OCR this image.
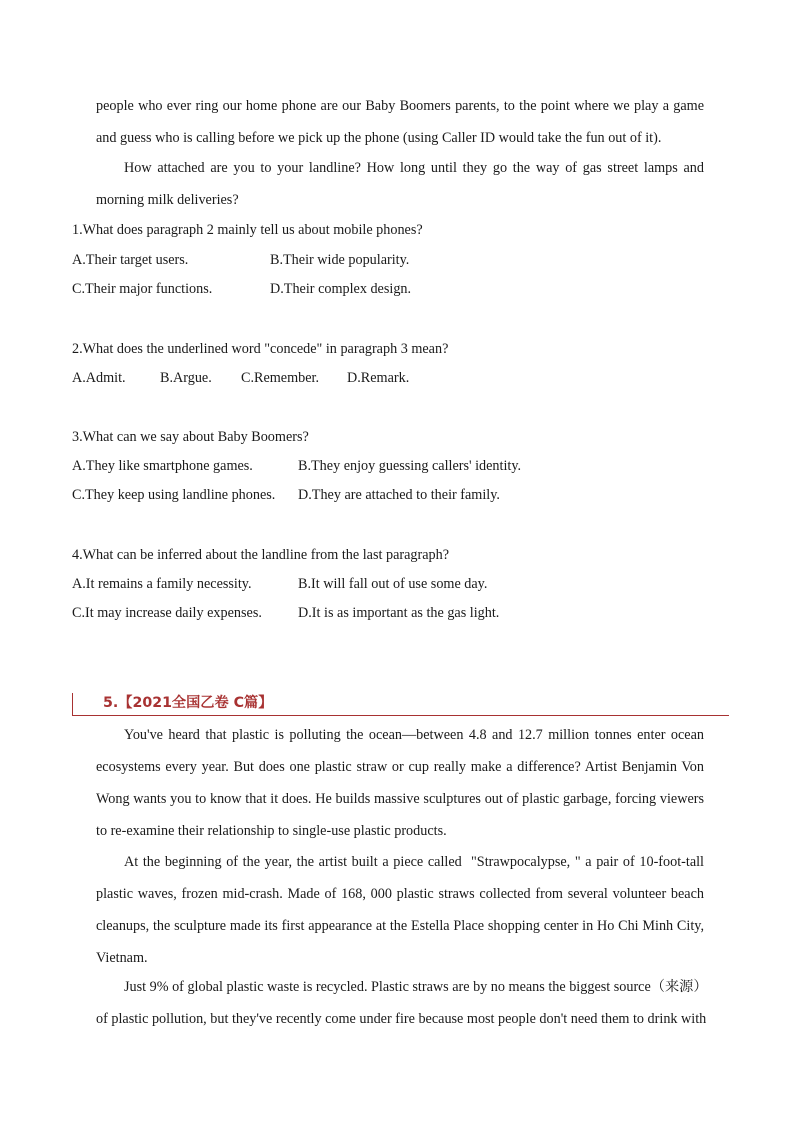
people who ever ring our home phone are our Baby Boomers parents, to the point where we play a game
and guess who is calling before we pick up the phone (using Caller ID would take the fun out of it).
How attached are you to your landline? How long until they go the way of gas street lamps and
morning milk deliveries?
1.What does paragraph 2 mainly tell us about mobile phones?
A.Their target users.	B.Their wide popularity.
C.Their major functions.	D.Their complex design.
2.What does the underlined word "concede" in paragraph 3 mean?
A.Admit. B.Argue. C.Remember. D.Remark.
3.What can we say about Baby Boomers?
A.They like smartphone games.	B.They enjoy guessing callers' identity.
C.They keep using landline phones. D.They are attached to their family.
4.What can be inferred about the landline from the last paragraph?
A.It remains a family necessity.	B.It will fall out of use some day.
C.It may increase daily expenses.	D.It is as important as the gas light.
5.【2021全国乙卷 C篇】
You've heard that plastic is polluting the ocean—between 4.8 and 12.7 million tonnes enter ocean
ecosystems every year. But does one plastic straw or cup really make a difference? Artist Benjamin Von
Wong wants you to know that it does. He builds massive sculptures out of plastic garbage, forcing viewers
to re-examine their relationship to single-use plastic products.
At the beginning of the year, the artist built a piece called  "Strawpocalypse, " a pair of 10-foot-tall
plastic waves, frozen mid-crash. Made of 168, 000 plastic straws collected from several volunteer beach
cleanups, the sculpture made its first appearance at the Estella Place shopping center in Ho Chi Minh City,
Vietnam.
Just 9% of global plastic waste is recycled. Plastic straws are by no means the biggest source（来源）
of plastic pollution, but they've recently come under fire because most people don't need them to drink with
